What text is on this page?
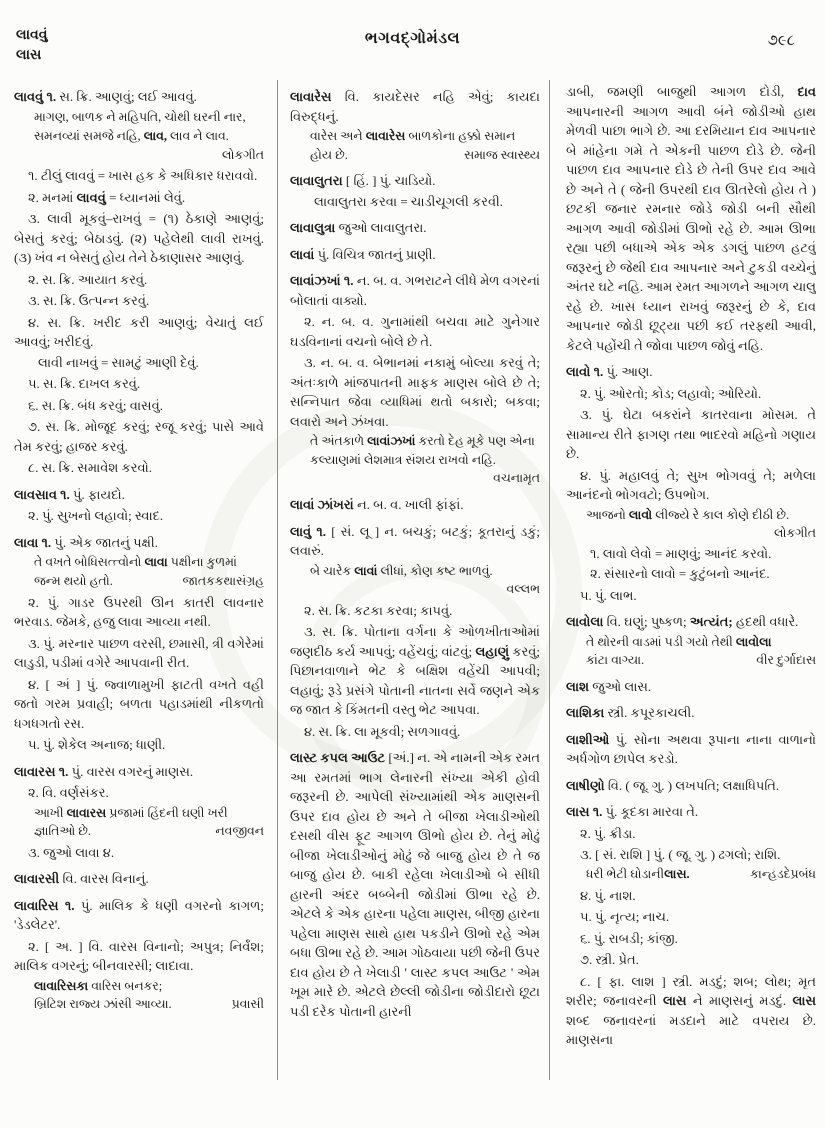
લાવવું
લાસ
ભગવદ્ગોમંડલ	૭૯૮
લાવવું ૧. સ. ક્રિ. આણવું; લઈ આવવું.
માગણ, બાળક ને મહિપતિ, ચોથી ઘરની નાર,
સમનવ્યાં સમજે નહિ, લાવ, લાવ ને લાવ.
લોકગીત
૧. ટીલું લાવવું = ખાસ હક કે અધિકાર ધરાવવો.
૨. મનમાં લાવવું = ધ્યાનમાં લેવું.
૩. લાવી મૂકવું–રાખવું = (૧) ઠેકાણે આણવું; બેસતું કરવું; બેઠાડવું. (૨) પહેલેથી લાવી રાખવું. (૩) ખંવ ન બેસતું હોય તેને ઠેકાણાસર આણવું.
૨. સ. ક્રિ. આયાત કરવું.
૩. સ. ક્રિ. ઉત્પન્ન કરવું.
૪. સ. ક્રિ. ખરીદ કરી આણવું; વેચાતું લઈ આવવું; ખરીદવું.
લાવી નાખવું = સામટું આણી દેવું.
૫. સ. ક્રિ. દાખલ કરવું.
૬. સ. ક્રિ. બંધ કરવું; વાસવું.
૭. સ. ક્રિ. મોજૂદ કરવું; રજૂ કરવું; પાસે આવે તેમ કરવું; હાજર કરવું.
૮. સ. ક્રિ. સમાવેશ કરવો.
લાવસાવ ૧. પું. ફાયદો.
૨. પું. સુખનો લહાવો; સ્વાદ.
લાવા ૧. પું. એક જાતનું પક્ષી.
તે વખતે બોધિસત્ત્વોનો લાવા પક્ષીના કુળમાં
જન્મ થયો હતો.	જાતકકથાસંગ્રહ
૨. પું. ગાડર ઉપરથી ઊન કાતરી લાવનાર ભરવાડ. જેમકે, હજુ લાવા આવ્યા નથી.
૩. પું. મરનાર પાછળ વરસી, છમાસી, ત્રી વગેરેમાં લાડુડી, પડીમાં વગેરે આપવાની રીત.
૪. [ અં ] પું. જ્વાળામુખી ફાટતી વખતે વહી જતો ગરમ પ્રવાહી; બળતા પહાડમાંથી નીકળતો ધગધગતો રસ.
૫. પું. શેકેલ અનાજ; ધાણી.
લાવારસ ૧. પું. વારસ વગરનું માણસ.
૨. વિ. વર્ણસંકર.
આખી લાવારસ પ્રજામાં હિંદની ઘણી ખરી
જ્ઞાતિઓ છે.	નવજીવન
૩. જુઓ લાવા ૪.
લાવારસી વિ. વારસ વિનાનું.
લાવારિસ ૧. પું. માલિક કે ધણી વગરનો કાગળ; 'ડેડલેટર'.
૨. [ અ. ] વિ. વારસ વિનાનો; અપુત્ર; નિર્વંશ; માલિક વગરનું; બીનવારસી; લાદાવા.
લાવારિસકા વારિસ બનકર;
બ્રિટિશ રાજ્ય ઝાંસી આવ્યા.	પ્રવાસી
લાવારેસ વિ. કાયદેસર નહિ એવું; કાયદા વિરુદ્ધનું.
વારેસ અને લાવારેસ બાળકોના હક્કો સમાન
હોય છે.	સમાજ સ્વાસ્થ્ય
લાવાલુતરા [ હિં. ] પું. ચાડિયો.
લાવાલુતરા કરવા = ચાડીચૂગલી કરવી.
લાવાલુત્રા જુઓ લાવાલુતરા.
લાવાં પું. વિચિત્ર જાતનું પ્રાણી.
લાવાંઝખાં ૧. ન. બ. વ. ગભરાટને લીધે મેળ વગરનાં બોલાતાં વાક્યો.
૨. ન. બ. વ. ગુનામાંથી બચવા માટે ગુનેગાર ઘડવિનાનાં વચનો બોલે છે તે.
૩. ન. બ. વ. બેભાનમાં નકામું બોલ્યા કરવું તે; અંતઃકાળે માંજપાતની માફક માણસ બોલે છે તે; સન્નિપાત જેવા વ્યાધિમાં થતો બકારો; બકવા; લવારો અને ઝંખવા.
તે અંતકાળે લાવાંઝખાં કરતો દેહ મૂકે પણ એના કલ્યાણમાં લેશમાત્ર સંશય રાખવો નહિ.
વચનામૃત
લાવાં ઝાંખરાં ન. બ. વ. ખાલી ફાંફાં.
લાવું ૧. [ સં. લૂ ] ન. બચકું; બટકું; કૂતરાનું ડકું; લવારું.
બે ચારેક લાવાં લીધાં, કોણ કષ્ટ ભાળવું.
વલ્લભ
૨. સ. ક્રિ. કટકા કરવા; કાપવું.
૩. સ. ક્રિ. પોતાના વર્ગના કે ઓળખીતાઓમાં જણદીઠ કર્ય આપવું; વહેંચવું; વાંટવું; લહાણું કરવું; પિછાનવાળાને ભેટ કે બક્ષિશ વહેંચી આપવી; લહાવું; રૂડે પ્રસંગે પોતાની નાતના સર્વે જણને એક જ જાત કે કિંમતની વસ્તુ ભેટ આપવા.
૪. સ. ક્રિ. લા મૂકવી; સળગાવવું.
લાસ્ટ કપલ આઉટ [અં.] ન. એ નામની એક રમત આ રમતમાં ભાગ લેનારની સંખ્યા એકી હોવી જરૂરની છે. આપેલી સંખ્યામાંથી એક માણસની ઉપર દાવ હોય છે અને તે બીજા ખેલાડીઓથી દસથી વીસ ફૂટ આગળ ઊભો હોય છે. તેનું મોઢું બીજા ખેલાડીઓનું મોઢું જે બાજુ હોય છે તે જ બાજુ હોય છે. બાકી રહેલા ખેલાડીઓ બે સીધી હારની અંદર બબ્બેની જોડીમાં ઊભા રહે છે. એટલે કે એક હારના પહેલા માણસ, બીજી હારના પહેલા માણસ સાથે હાથ પકડીને ઊભો રહે એમ બધા ઊભા રહે છે. આમ ગોઠવાયા પછી જેની ઉપર દાવ હોય છે તે ખેલાડી ' લાસ્ટ કપલ આઉટ ' એમ ખૂમ મારે છે. એટલે છેલ્લી જોડીના જોડીદારો છૂટા પડી દરેક પોતાની હારની
ડાબી, જમણી બાજુથી આગળ દોડી, દાવ આપનારની આગળ આવી બંને જોડીઓ હાથ મેળવી પાછા ભાગે છે. આ દરમિયાન દાવ આપનાર બે માંહેના ગમે તે એકની પાછળ દોડે છે. જેની પાછળ દાવ આપનાર દોડે છે તેની ઉપર દાવ આવે છે અને તે ( જેની ઉપરથી દાવ ઊતરેલો હોય તે ) છટકી જનાર રમનાર જોડે જોડી બની સૌથી આગળ આવી જોડીમાં ઊભો રહે છે. આમ ઊભા રહ્યા પછી બધાએ એક એક ડગલું પાછળ હટવું જરૂરનું છે જેથી દાવ આપનાર અને ટુકડી વચ્ચેનું અંતર ઘટે નહિ. આમ રમત આગળને આગળ ચાલુ રહે છે. ખાસ ધ્યાન રાખવું જરૂરનું છે કે, દાવ આપનાર જોડી છૂટ્યા પછી કઈ તરફથી આવી, કેટલે પહોંચી તે જોવા પાછળ જોવું નહિ.
લાવો ૧. પું. આણ.
૨. પું. ઓરતો; કોડ; લહાવો; ઓરિયો.
૩. પું. ઘેટા બકરાંને કાતરવાના મોસમ. તે સામાન્ય રીતે ફાગણ તથા ભાદરવો મહિનો ગણાય છે.
૪. પું. મહાલવું તે; સુખ ભોગવવું તે; મળેલા આનંદનો ભોગવટો; ઉપભોગ.
આજનો લાવો લીજ્યે રે કાલ કોણે દીઠી છે.
લોકગીત
૧. લાવો લેવો = માણવું; આનંદ કરવો.
૨. સંસારનો લાવો = કુટુંબનો આનંદ.
૫. પું. લાભ.
લાવોલા વિ. ઘણું; પુષ્કળ; અત્યંત; હદથી વધારે.
તે થોરની વાડમાં પડી ગયો તેથી લાવોલા
કાંટા વાગ્યા.	વીર દુર્ગાદાસ
લાશ જુઓ લાસ.
લાશિકા સ્ત્રી. કપૂરકાચલી.
લાશીઓ પું. સોના અથવા રૂપાના નાના વાળાનો અર્ધગોળ છાપેલ કરડો.
લાષીણો વિ. ( જૂ. ગુ. ) લખપતિ; લક્ષાધિપતિ.
લાસ ૧. પું. કૂદકા મારવા તે.
૨. પું. ક્રીડા.
૩. [ સં. રાશિ ] પું. ( જૂ. ગુ. ) ઢગલો; રાશિ.
ધરી ભેટી ઘોડાની લાસ.	કાન્હડદેપ્રબંધ
૪. પું. નાશ.
૫. પું. નૃત્ય; નાચ.
૬. પું. રાબડી; કાંજી.
૭. સ્ત્રી. પ્રેત.
૮. [ ફા. લાશ ] સ્ત્રી. મડદું; શબ; લોથ; મૃત શરીર; જનાવરની લાસ ને માણસનું મડદું. લાસ શબ્દ જનાવરનાં મડદાને માટે વપરાય છે. માણસના
